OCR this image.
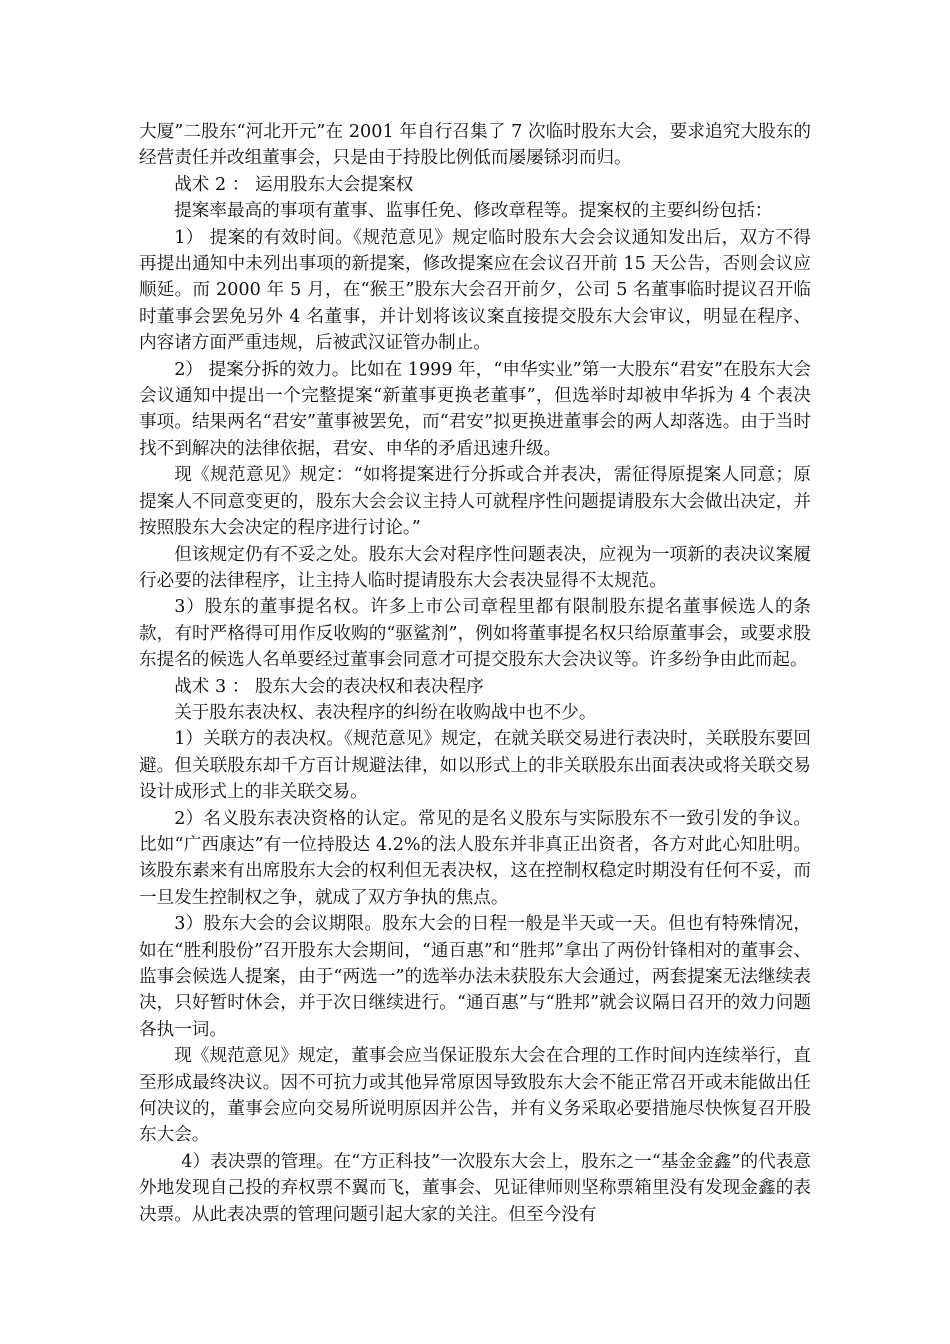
大厦”二股东“河北开元”在 2001 年自行召集了 7 次临时股东大会，要求追究大股东的经营责任并改组董事会，只是由于持股比例低而屡屡铩羽而归。

战术 2 ： 运用股东大会提案权

提案率最高的事项有董事、监事任免、修改章程等。提案权的主要纠纷包括：

1） 提案的有效时间。《规范意见》规定临时股东大会会议通知发出后，双方不得再提出通知中未列出事项的新提案，修改提案应在会议召开前 15 天公告，否则会议应顺延。而 2000 年 5 月，在“猴王”股东大会召开前夕，公司 5 名董事临时提议召开临时董事会罢免另外 4 名董事，并计划将该议案直接提交股东大会审议，明显在程序、内容诸方面严重违规，后被武汉证管办制止。

2） 提案分拆的效力。比如在 1999 年，“申华实业”第一大股东“君安”在股东大会会议通知中提出一个完整提案“新董事更换老董事”，但选举时却被申华拆为 4 个表决事项。结果两名“君安”董事被罢免，而“君安”拟更换进董事会的两人却落选。由于当时找不到解决的法律依据，君安、申华的矛盾迅速升级。

现《规范意见》规定：“如将提案进行分拆或合并表决，需征得原提案人同意；原提案人不同意变更的，股东大会会议主持人可就程序性问题提请股东大会做出决定，并按照股东大会决定的程序进行讨论。”

但该规定仍有不妥之处。股东大会对程序性问题表决，应视为一项新的表决议案履行必要的法律程序，让主持人临时提请股东大会表决显得不太规范。

3）股东的董事提名权。许多上市公司章程里都有限制股东提名董事候选人的条款，有时严格得可用作反收购的“驱鲨剂”，例如将董事提名权只给原董事会，或要求股东提名的候选人名单要经过董事会同意才可提交股东大会决议等。许多纷争由此而起。

战术 3 ： 股东大会的表决权和表决程序

关于股东表决权、表决程序的纠纷在收购战中也不少。

1）关联方的表决权。《规范意见》规定，在就关联交易进行表决时，关联股东要回避。但关联股东却千方百计规避法律，如以形式上的非关联股东出面表决或将关联交易设计成形式上的非关联交易。

2）名义股东表决资格的认定。常见的是名义股东与实际股东不一致引发的争议。比如“广西康达”有一位持股达 4.2%的法人股东并非真正出资者，各方对此心知肚明。该股东素来有出席股东大会的权利但无表决权，这在控制权稳定时期没有任何不妥，而一旦发生控制权之争，就成了双方争执的焦点。

3）股东大会的会议期限。股东大会的日程一般是半天或一天。但也有特殊情况，如在“胜利股份”召开股东大会期间，“通百惠”和“胜邦”拿出了两份针锋相对的董事会、监事会候选人提案，由于“两选一”的选举办法未获股东大会通过，两套提案无法继续表决，只好暂时休会，并于次日继续进行。“通百惠”与“胜邦”就会议隔日召开的效力问题各执一词。

现《规范意见》规定，董事会应当保证股东大会在合理的工作时间内连续举行，直至形成最终决议。因不可抗力或其他异常原因导致股东大会不能正常召开或未能做出任何决议的，董事会应向交易所说明原因并公告，并有义务采取必要措施尽快恢复召开股东大会。

4）表决票的管理。在“方正科技”一次股东大会上，股东之一“基金金鑫”的代表意外地发现自己投的弃权票不翼而飞，董事会、见证律师则坚称票箱里没有发现金鑫的表决票。从此表决票的管理问题引起大家的关注。但至今没有
